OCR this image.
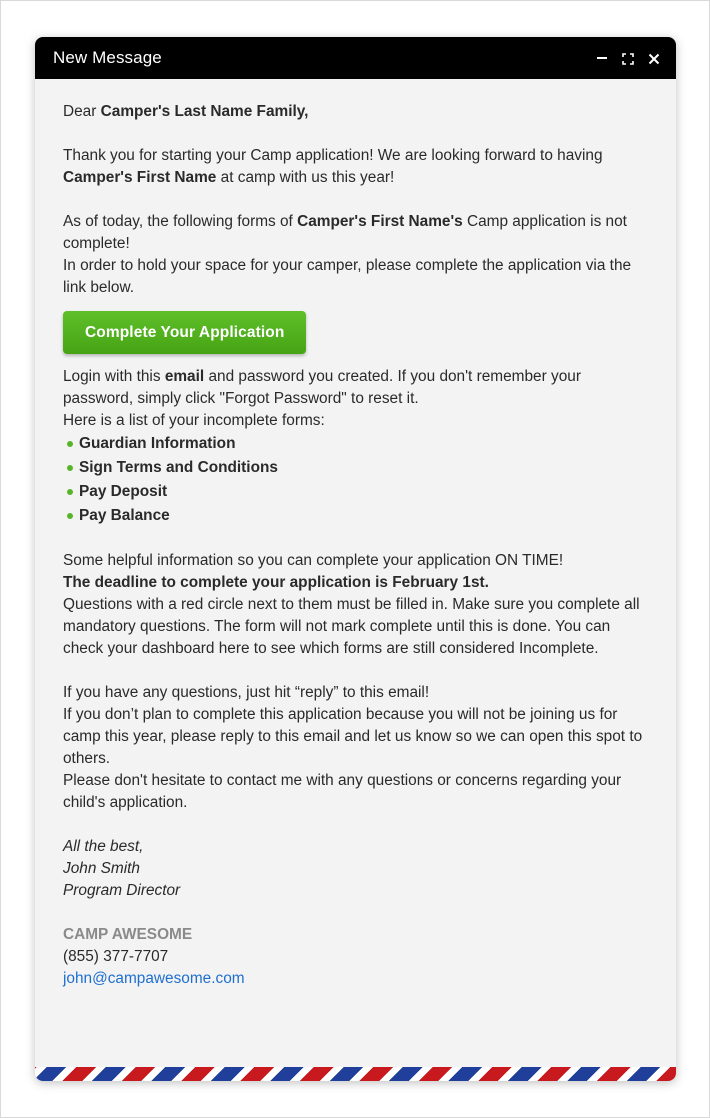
New Message

Dear Camper's Last Name Family,

Thank you for starting your Camp application! We are looking forward to having Camper's First Name at camp with us this year!

As of today, the following forms of Camper's First Name's Camp application is not complete!
In order to hold your space for your camper, please complete the application via the link below.

Complete Your Application
Login with this email and password you created. If you don't remember your password, simply click "Forgot Password" to reset it.
Here is a list of your incomplete forms:
Guardian Information
Sign Terms and Conditions
Pay Deposit
Pay Balance

Some helpful information so you can complete your application ON TIME!
The deadline to complete your application is February 1st.
Questions with a red circle next to them must be filled in. Make sure you complete all mandatory questions. The form will not mark complete until this is done. You can check your dashboard here to see which forms are still considered Incomplete.

If you have any questions, just hit “reply” to this email!
If you don’t plan to complete this application because you will not be joining us for camp this year, please reply to this email and let us know so we can open this spot to others.
Please don't hesitate to contact me with any questions or concerns regarding your child's application.

All the best,
John Smith
Program Director

CAMP AWESOME
(855) 377-7707
john@campawesome.com
